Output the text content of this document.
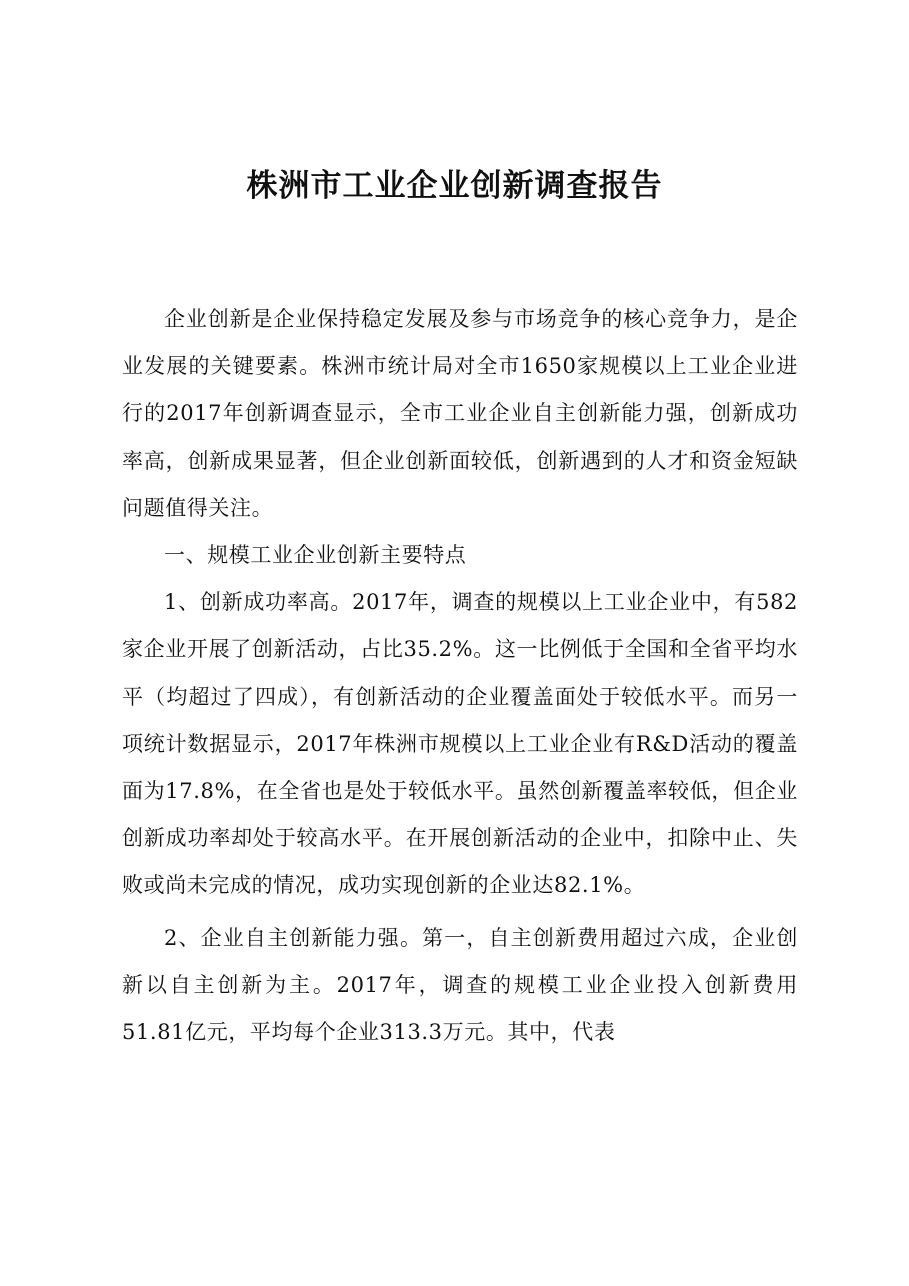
株洲市工业企业创新调查报告

企业创新是企业保持稳定发展及参与市场竞争的核心竞争力，是企业发展的关键要素。株洲市统计局对全市1650家规模以上工业企业进行的2017年创新调查显示，全市工业企业自主创新能力强，创新成功率高，创新成果显著，但企业创新面较低，创新遇到的人才和资金短缺问题值得关注。

一、规模工业企业创新主要特点

1、创新成功率高。2017年，调查的规模以上工业企业中，有582家企业开展了创新活动，占比35.2%。这一比例低于全国和全省平均水平（均超过了四成），有创新活动的企业覆盖面处于较低水平。而另一项统计数据显示，2017年株洲市规模以上工业企业有R&D活动的覆盖面为17.8%，在全省也是处于较低水平。虽然创新覆盖率较低，但企业创新成功率却处于较高水平。在开展创新活动的企业中，扣除中止、失败或尚未完成的情况，成功实现创新的企业达82.1%。

2、企业自主创新能力强。第一，自主创新费用超过六成，企业创新以自主创新为主。2017年，调查的规模工业企业投入创新费用51.81亿元，平均每个企业313.3万元。其中，代表
